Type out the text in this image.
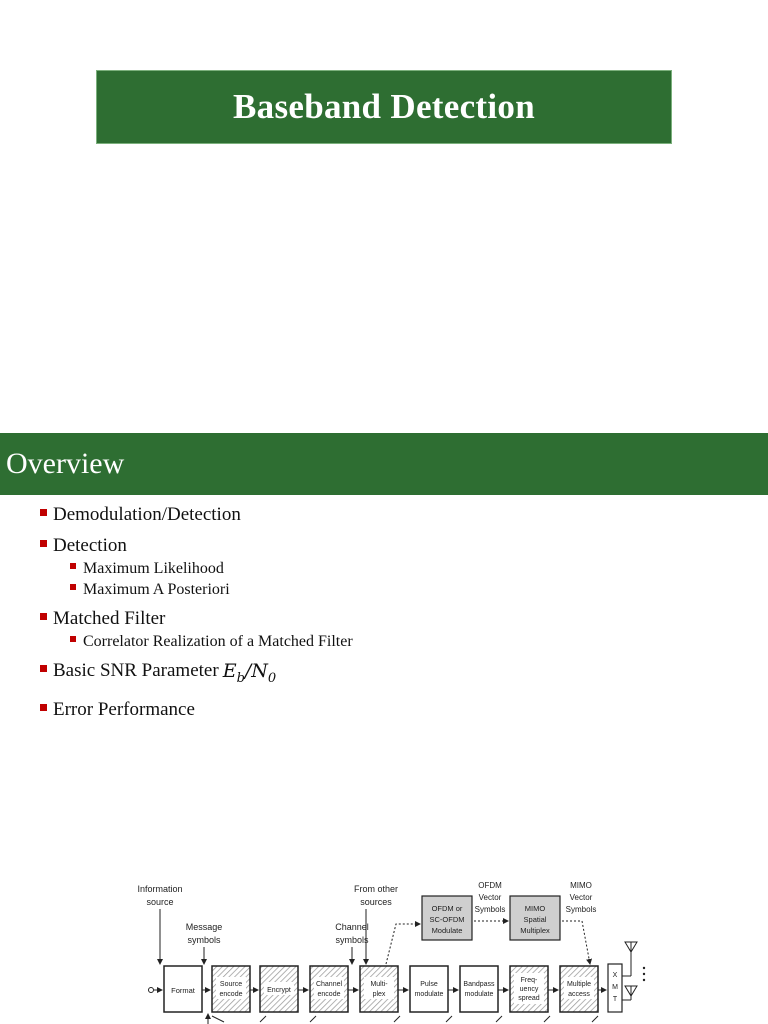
Baseband Detection
Overview
Demodulation/Detection
Detection
Maximum Likelihood
Maximum A Posteriori
Matched Filter
Correlator Realization of a Matched Filter
Basic SNR Parameter $E_b/N_0$
Error Performance
Information
source
Message
symbols
From other
sources
Channel
symbols
OFDM
Vector
Symbols
MIMO
Vector
Symbols
OFDM or
SC-OFDM
Modulate
MIMO
Spatial
Multiplex
Format
Source
encode
Encrypt
Channel
encode
Multi-
plex
Pulse
modulate
Bandpass
modulate
Freq-
uency
spread
Multiple
access
X
M
T
